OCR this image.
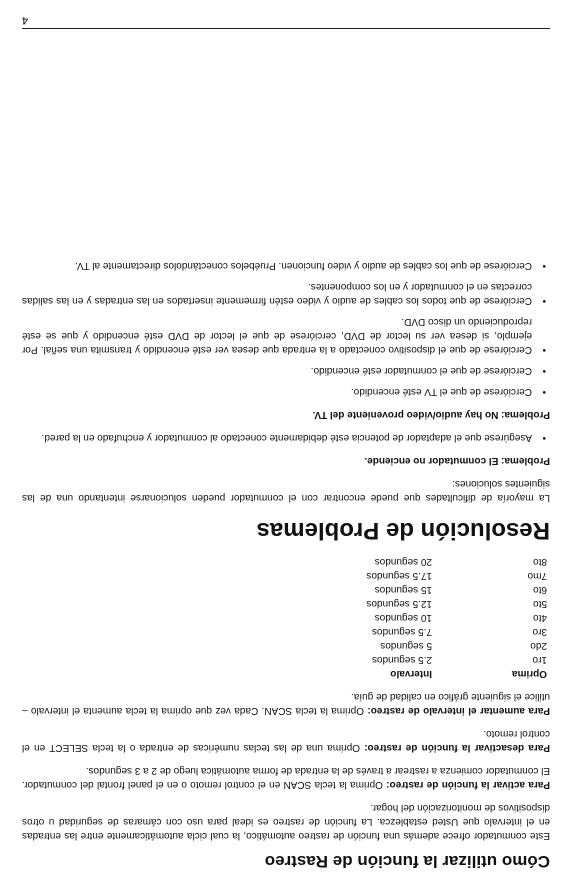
Cómo utilizar la función de Rastreo

Este conmutador ofrece además una función de rastreo automático, la cual cicla automáticamente entre las entradas en el intervalo que Usted establezca. La función de rastreo es ideal para uso con cámaras de seguridad u otros dispositivos de monitorización del hogar.

Para activar la función de rastreo: Oprima la tecla SCAN en el control remoto o en el panel frontal del conmutador. El conmutador comienza a rastrear a través de la entrada de forma automática luego de 2 a 3 segundos.

Para desactivar la función de rastreo: Oprima una de las teclas numéricas de entrada o la tecla SELECT en el control remoto.

Para aumentar el intervalo de rastreo: Oprima la tecla SCAN. Cada vez que oprima la tecla aumenta el intervalo – utilice el siguiente gráfico en calidad de guía.

Oprima	Intervalo
1ro	2.5 segundos
2do	5 segundos
3ro	7.5 segundos
4to	10 segundos
5to	12.5 segundos
6to	15 segundos
7mo	17.5 segundos
8to	20 segundos
Resolución de Problemas

La mayoría de dificultades que puede encontrar con el conmutador pueden solucionarse intentando una de las siguientes soluciones:

Problema: El conmutador no enciende.

• Asegúrese que el adaptador de potencia esté debidamente conectado al conmutador y enchufado en la pared.

Problema: No hay audio/video proveniente del TV.

• Cerciórese de que el TV esté encendido.
• Cerciórese de que el conmutador esté encendido.
• Cerciórese de que el dispositivo conectado a la entrada que desea ver esté encendido y transmita una señal. Por ejemplo, si desea ver su lector de DVD, cerciórese de que el lector de DVD esté encendido y que se esté reproduciendo un disco DVD.
• Cerciórese de que todos los cables de audio y video estén firmemente insertados en las entradas y en las salidas correctas en el conmutador y en los componentes.
• Cerciórese de que los cables de audio y video funcionen. Pruébelos conectándolos directamente al TV.
4
